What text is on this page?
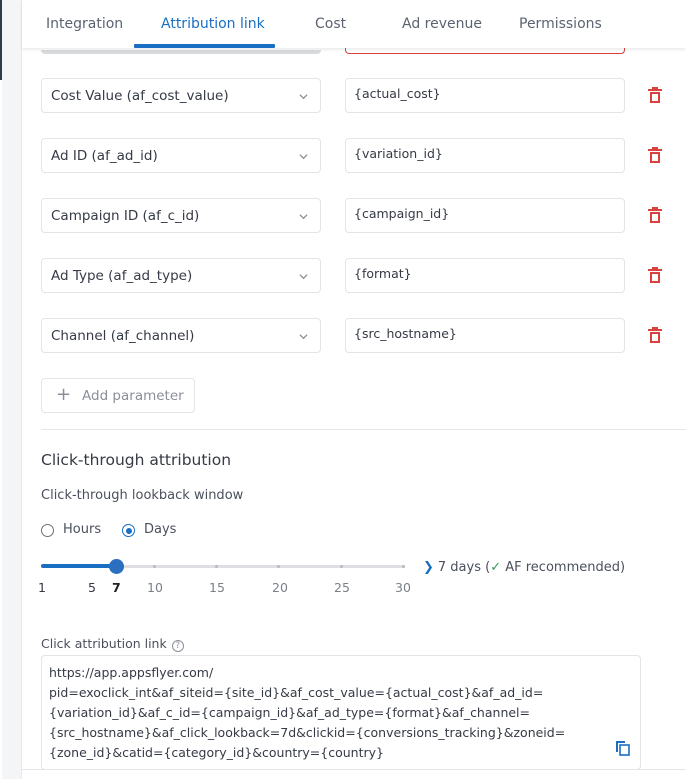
Integration	Attribution link	Cost	Ad revenue	Permissions
Cost Value (af_cost_value)
{actual_cost}
Ad ID (af_ad_id)
{variation_id}
Campaign ID (af_c_id)
{campaign_id}
Ad Type (af_ad_type)
{format}
Channel (af_channel)
{src_hostname}
+ Add parameter
Click-through attribution
Click-through lookback window
Hours	Days
1	5 7 10	15	20	25	30
❯ 7 days (✓ AF recommended)
Click attribution link ?
https://app.appsflyer.com/
pid=exoclick_int&af_siteid={site_id}&af_cost_value={actual_cost}&af_ad_id=
{variation_id}&af_c_id={campaign_id}&af_ad_type={format}&af_channel=
{src_hostname}&af_click_lookback=7d&clickid={conversions_tracking}&zoneid=
{zone_id}&catid={category_id}&country={country}
